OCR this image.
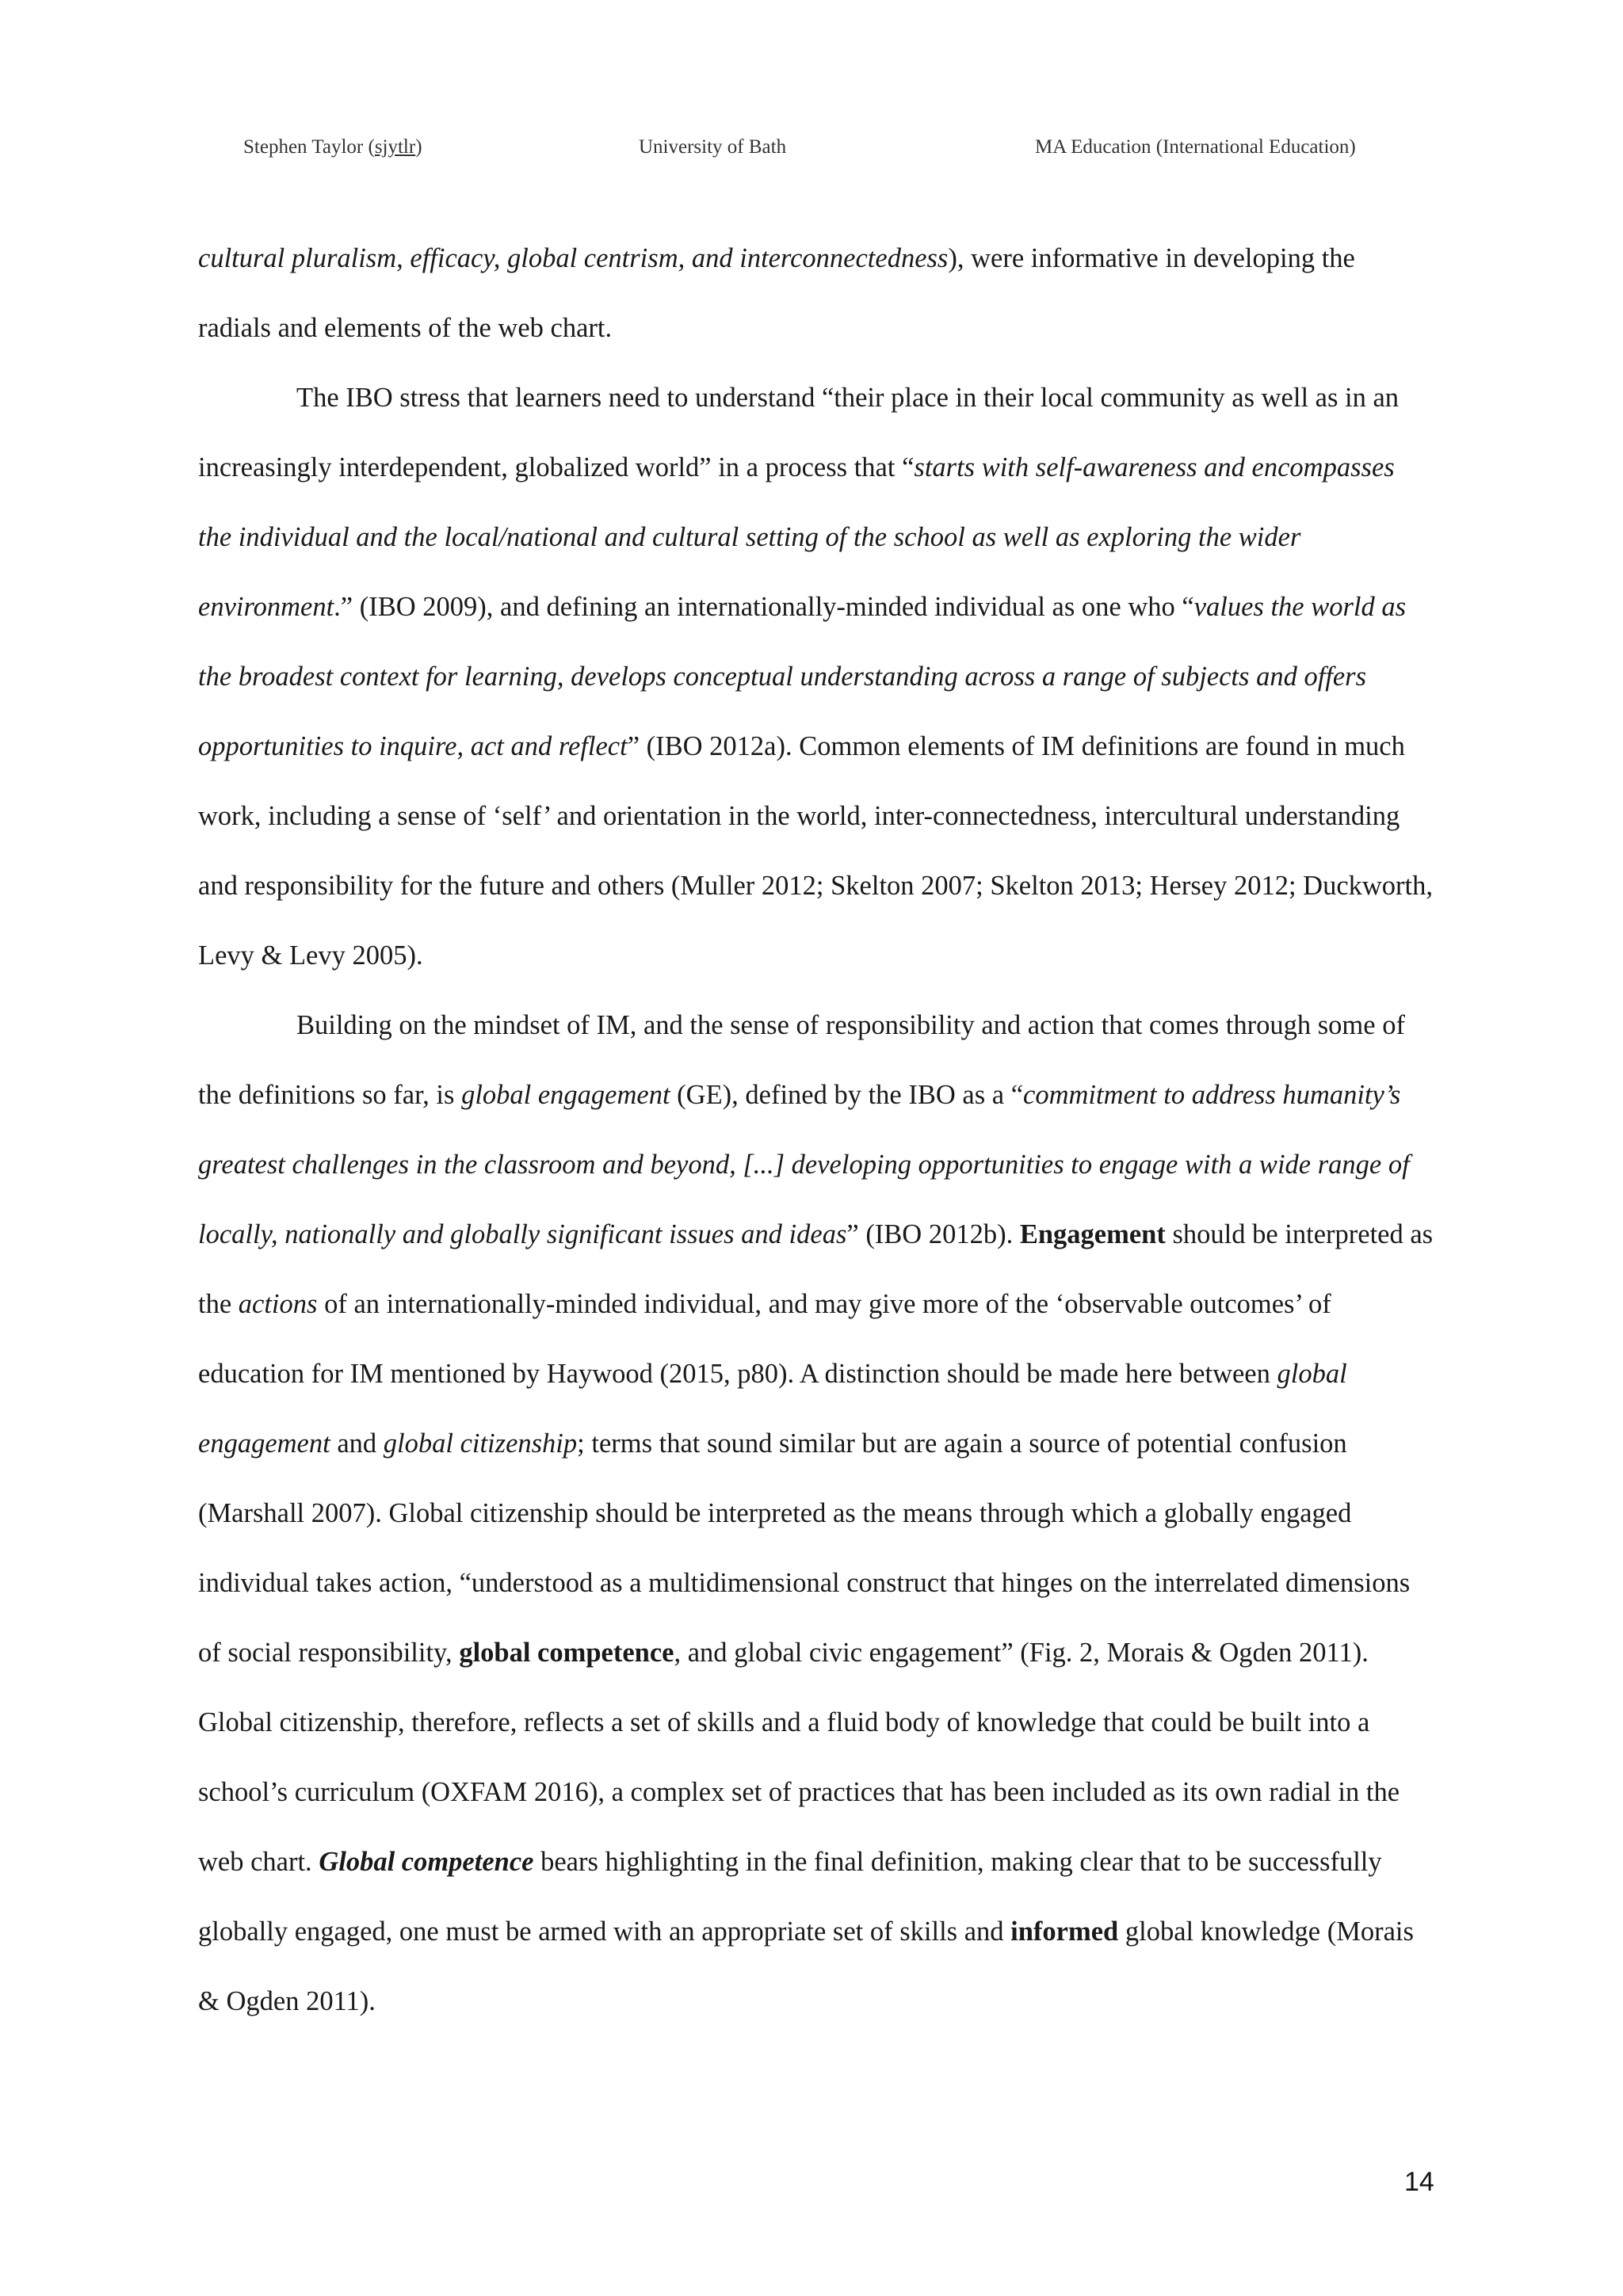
Stephen Taylor (sjytlr)	University of Bath	MA Education (International Education)

cultural pluralism, efficacy, global centrism, and interconnectedness), were informative in developing the radials and elements of the web chart.

The IBO stress that learners need to understand “their place in their local community as well as in an increasingly interdependent, globalized world” in a process that “starts with self-awareness and encompasses the individual and the local/national and cultural setting of the school as well as exploring the wider environment.” (IBO 2009), and defining an internationally-minded individual as one who “values the world as the broadest context for learning, develops conceptual understanding across a range of subjects and offers opportunities to inquire, act and reflect” (IBO 2012a). Common elements of IM definitions are found in much work, including a sense of ‘self’ and orientation in the world, inter-connectedness, intercultural understanding and responsibility for the future and others (Muller 2012; Skelton 2007; Skelton 2013; Hersey 2012; Duckworth, Levy & Levy 2005).

Building on the mindset of IM, and the sense of responsibility and action that comes through some of the definitions so far, is global engagement (GE), defined by the IBO as a “commitment to address humanity’s greatest challenges in the classroom and beyond, [...] developing opportunities to engage with a wide range of locally, nationally and globally significant issues and ideas” (IBO 2012b). Engagement should be interpreted as the actions of an internationally-minded individual, and may give more of the ‘observable outcomes’ of education for IM mentioned by Haywood (2015, p80). A distinction should be made here between global engagement and global citizenship; terms that sound similar but are again a source of potential confusion (Marshall 2007). Global citizenship should be interpreted as the means through which a globally engaged individual takes action, “understood as a multidimensional construct that hinges on the interrelated dimensions of social responsibility, global competence, and global civic engagement” (Fig. 2, Morais & Ogden 2011). Global citizenship, therefore, reflects a set of skills and a fluid body of knowledge that could be built into a school’s curriculum (OXFAM 2016), a complex set of practices that has been included as its own radial in the web chart. Global competence bears highlighting in the final definition, making clear that to be successfully globally engaged, one must be armed with an appropriate set of skills and informed global knowledge (Morais & Ogden 2011).

14
